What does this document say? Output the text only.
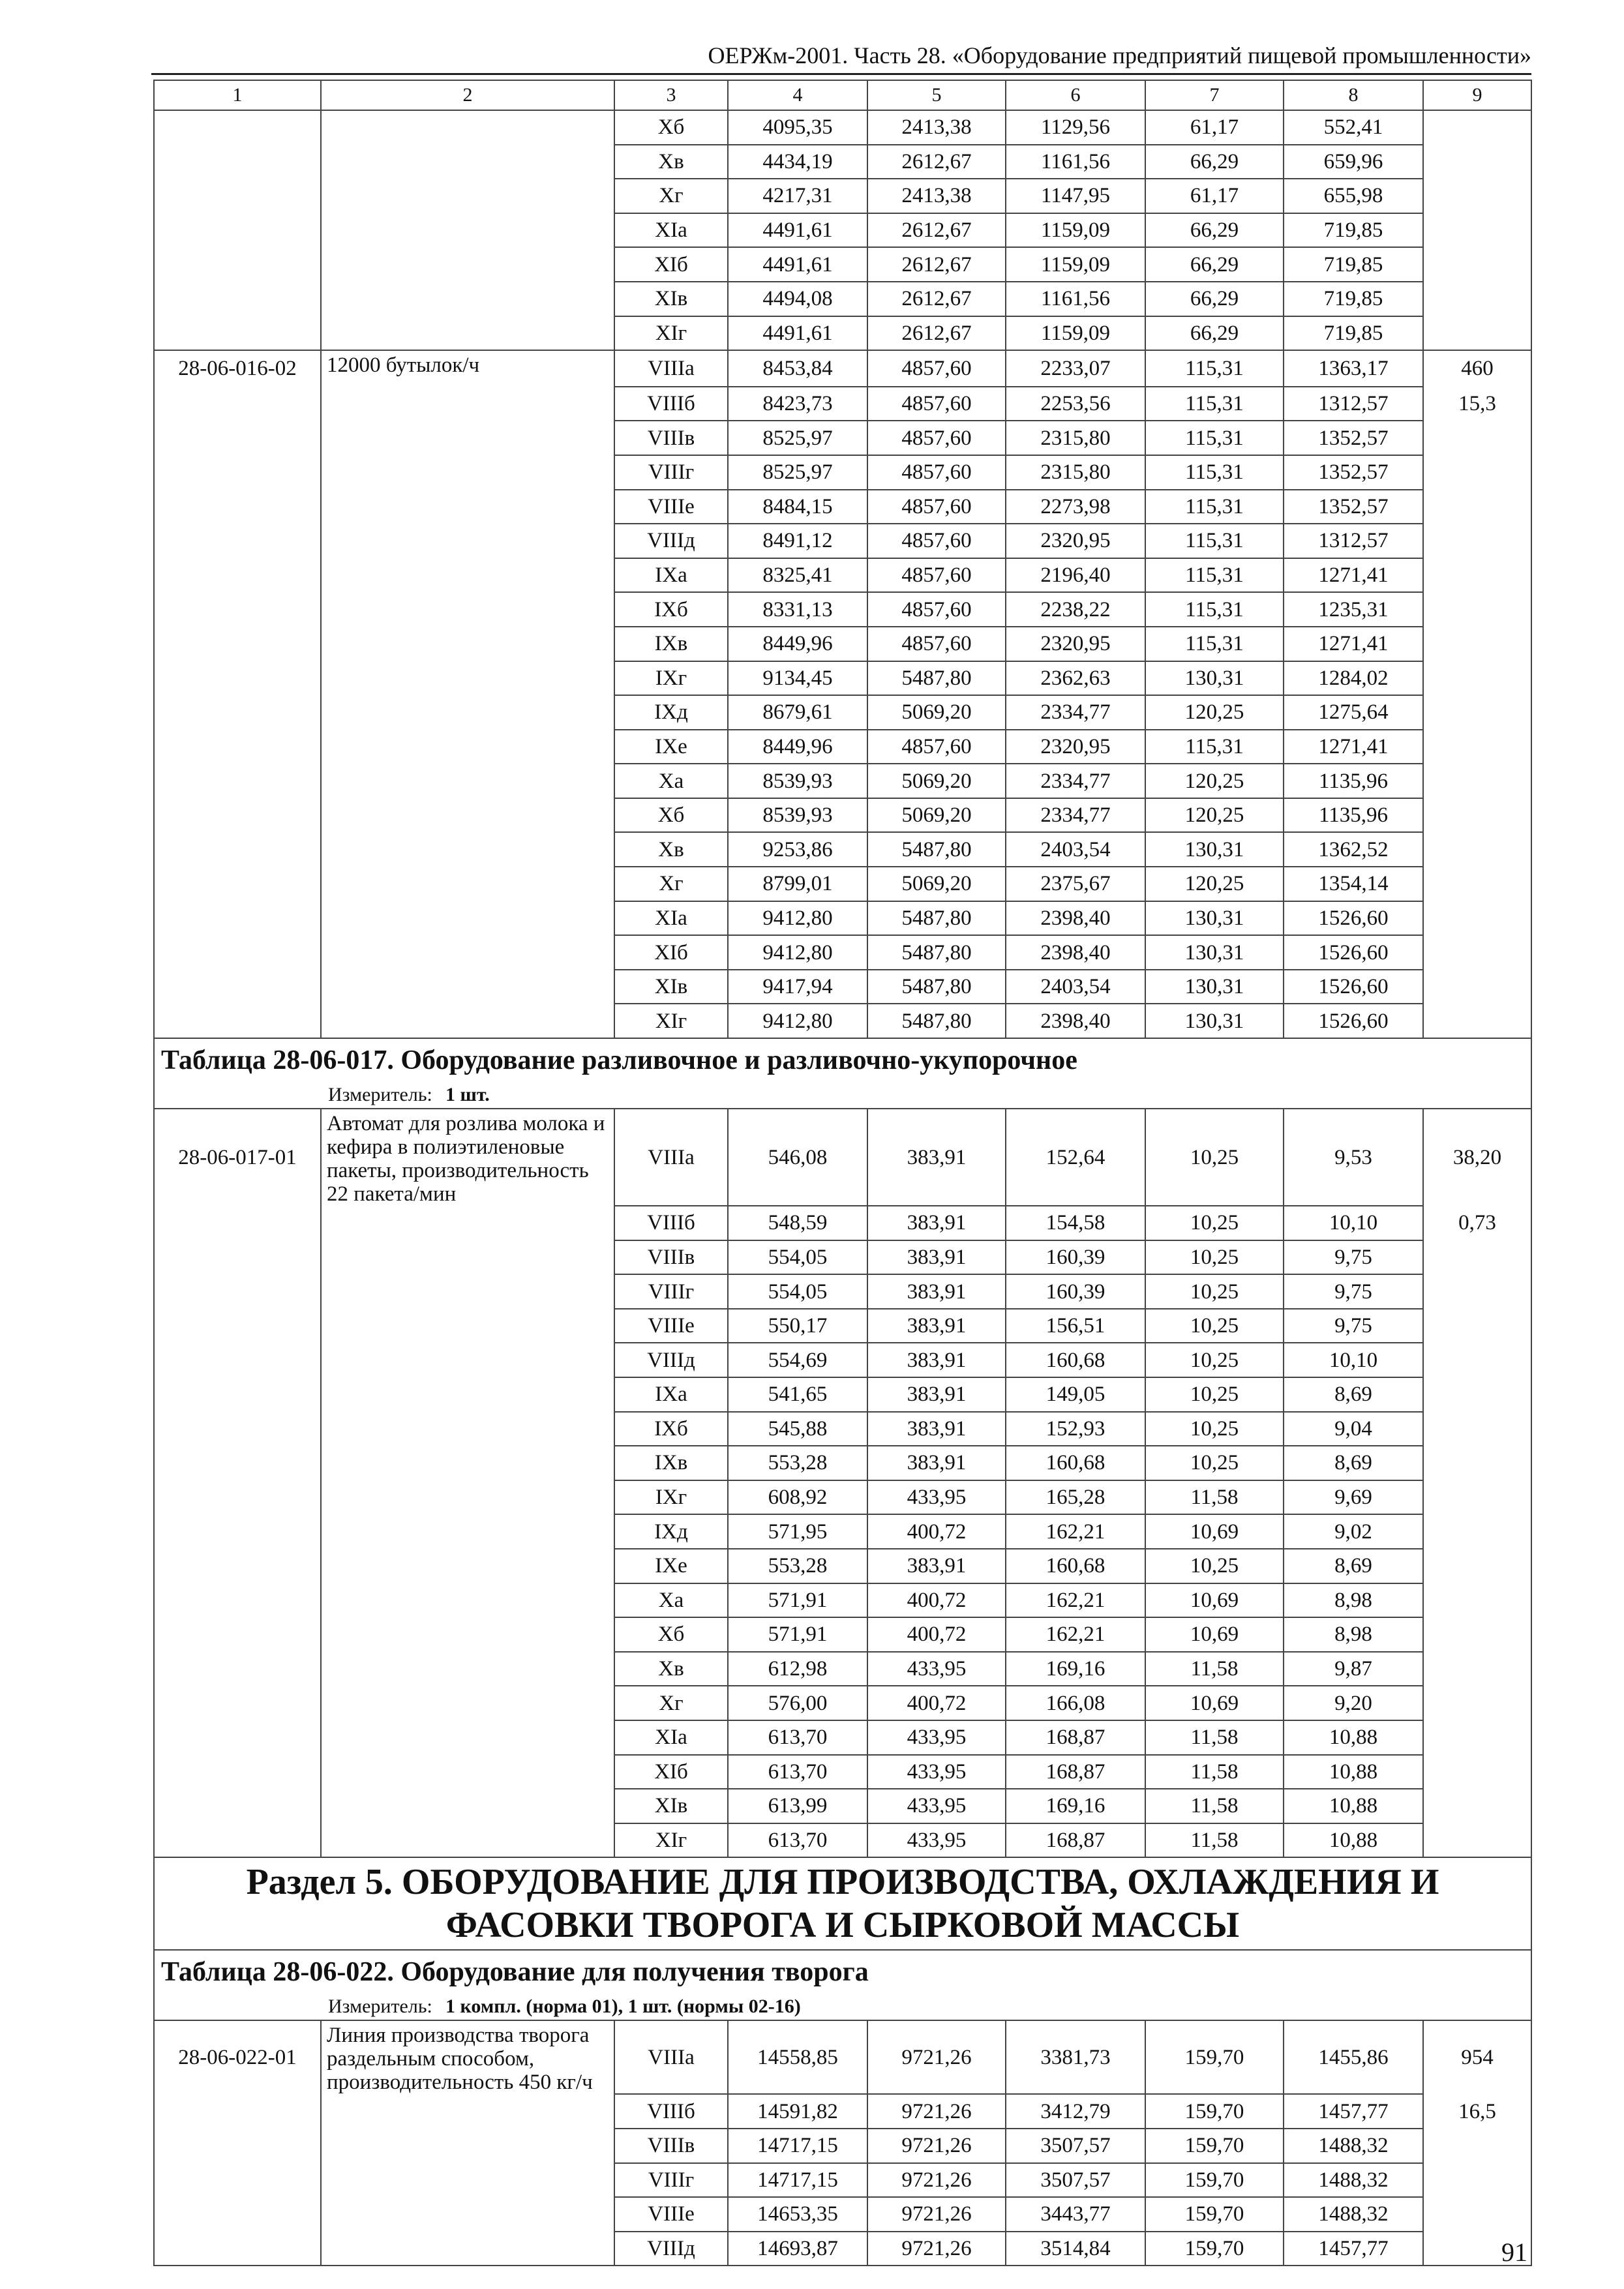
ОЕРЖм-2001. Часть 28. «Оборудование предприятий пищевой промышленности»
1	2	3	4	5	6	7	8	9
		Xб	4095,35	2413,38	1129,56	61,17	552,41	
		Xв	4434,19	2612,67	1161,56	66,29	659,96	
		Xг	4217,31	2413,38	1147,95	61,17	655,98	
		XIа	4491,61	2612,67	1159,09	66,29	719,85	
		XIб	4491,61	2612,67	1159,09	66,29	719,85	
		XIв	4494,08	2612,67	1161,56	66,29	719,85	
		XIг	4491,61	2612,67	1159,09	66,29	719,85	
28-06-016-02	12000 бутылок/ч	VIIIа	8453,84	4857,60	2233,07	115,31	1363,17	460
		VIIIб	8423,73	4857,60	2253,56	115,31	1312,57	15,3
		VIIIв	8525,97	4857,60	2315,80	115,31	1352,57	
		VIIIг	8525,97	4857,60	2315,80	115,31	1352,57	
		VIIIе	8484,15	4857,60	2273,98	115,31	1352,57	
		VIIIд	8491,12	4857,60	2320,95	115,31	1312,57	
		IXа	8325,41	4857,60	2196,40	115,31	1271,41	
		IXб	8331,13	4857,60	2238,22	115,31	1235,31	
		IXв	8449,96	4857,60	2320,95	115,31	1271,41	
		IXг	9134,45	5487,80	2362,63	130,31	1284,02	
		IXд	8679,61	5069,20	2334,77	120,25	1275,64	
		IXе	8449,96	4857,60	2320,95	115,31	1271,41	
		Xа	8539,93	5069,20	2334,77	120,25	1135,96	
		Xб	8539,93	5069,20	2334,77	120,25	1135,96	
		Xв	9253,86	5487,80	2403,54	130,31	1362,52	
		Xг	8799,01	5069,20	2375,67	120,25	1354,14	
		XIа	9412,80	5487,80	2398,40	130,31	1526,60	
		XIб	9412,80	5487,80	2398,40	130,31	1526,60	
		XIв	9417,94	5487,80	2403,54	130,31	1526,60	
		XIг	9412,80	5487,80	2398,40	130,31	1526,60	
Таблица 28-06-017. Оборудование разливочное и разливочно-укупорочное								
Измеритель: 1 шт.								
28-06-017-01	Автомат для розлива молока и кефира в полиэтиленовые пакеты, производительность 22 пакета/мин	VIIIа	546,08	383,91	152,64	10,25	9,53	38,20
		VIIIб	548,59	383,91	154,58	10,25	10,10	0,73
		VIIIв	554,05	383,91	160,39	10,25	9,75	
		VIIIг	554,05	383,91	160,39	10,25	9,75	
		VIIIе	550,17	383,91	156,51	10,25	9,75	
		VIIIд	554,69	383,91	160,68	10,25	10,10	
		IXа	541,65	383,91	149,05	10,25	8,69	
		IXб	545,88	383,91	152,93	10,25	9,04	
		IXв	553,28	383,91	160,68	10,25	8,69	
		IXг	608,92	433,95	165,28	11,58	9,69	
		IXд	571,95	400,72	162,21	10,69	9,02	
		IXе	553,28	383,91	160,68	10,25	8,69	
		Xа	571,91	400,72	162,21	10,69	8,98	
		Xб	571,91	400,72	162,21	10,69	8,98	
		Xв	612,98	433,95	169,16	11,58	9,87	
		Xг	576,00	400,72	166,08	10,69	9,20	
		XIа	613,70	433,95	168,87	11,58	10,88	
		XIб	613,70	433,95	168,87	11,58	10,88	
		XIв	613,99	433,95	169,16	11,58	10,88	
		XIг	613,70	433,95	168,87	11,58	10,88	
Раздел 5. ОБОРУДОВАНИЕ ДЛЯ ПРОИЗВОДСТВА, ОХЛАЖДЕНИЯ И ФАСОВКИ ТВОРОГА И СЫРКОВОЙ МАССЫ								
Таблица 28-06-022. Оборудование для получения творога								
Измеритель: 1 компл. (норма 01), 1 шт. (нормы 02-16)								
28-06-022-01	Линия производства творога раздельным способом, производительность 450 кг/ч	VIIIа	14558,85	9721,26	3381,73	159,70	1455,86	954
		VIIIб	14591,82	9721,26	3412,79	159,70	1457,77	16,5
		VIIIв	14717,15	9721,26	3507,57	159,70	1488,32	
		VIIIг	14717,15	9721,26	3507,57	159,70	1488,32	
		VIIIе	14653,35	9721,26	3443,77	159,70	1488,32	
		VIIIд	14693,87	9721,26	3514,84	159,70	1457,77		91
